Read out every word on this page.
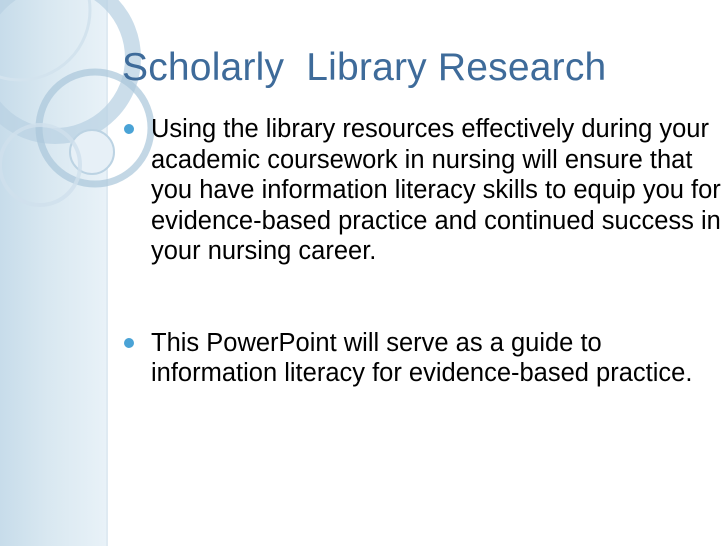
Scholarly  Library Research
Using the library resources effectively during your academic coursework in nursing will ensure that you have information literacy skills to equip you for evidence-based practice and continued success in your nursing career.
This PowerPoint will serve as a guide to information literacy for evidence-based practice.
